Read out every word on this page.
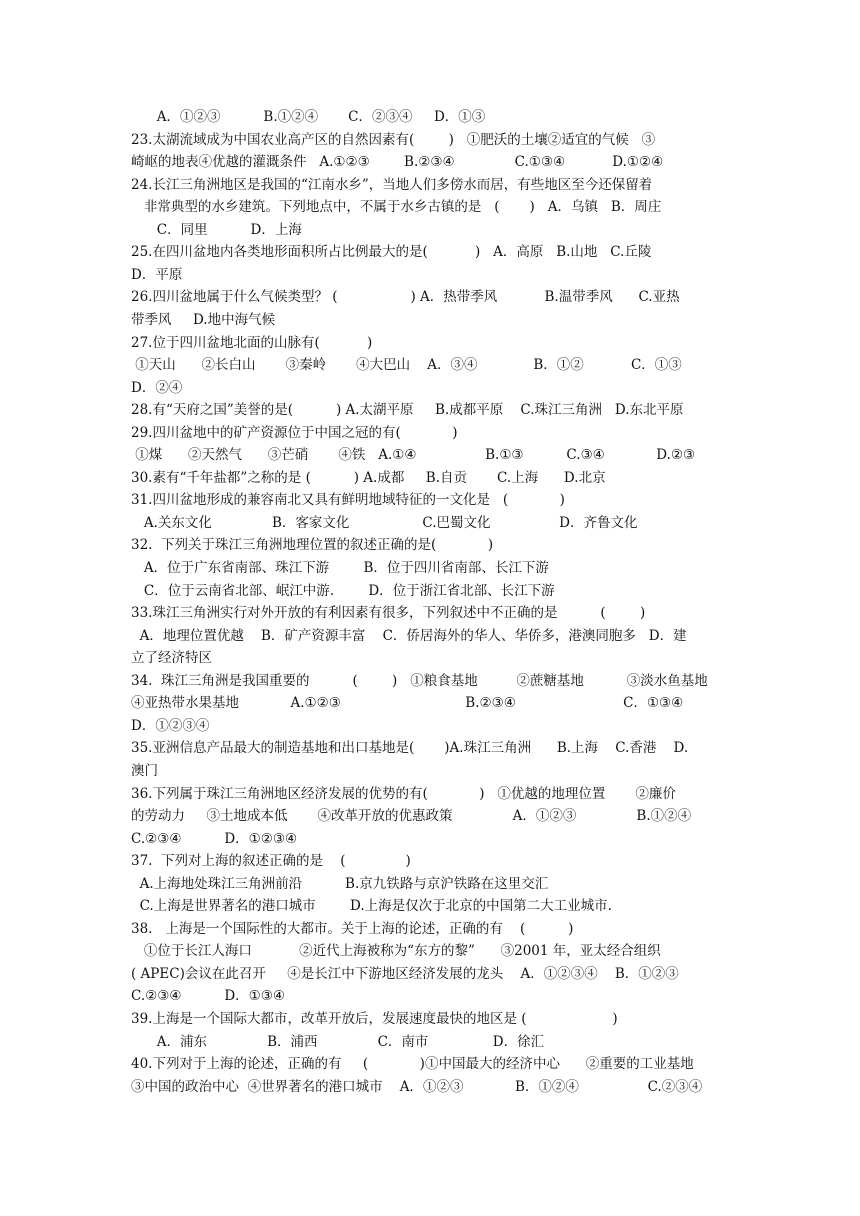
A．①②③          B.①②④       C．②③④     D．①③
23.太湖流域成为中国农业高产区的自然因素有(        )   ①肥沃的土壤②适宜的气候   ③
崎岖的地表④优越的灌溉条件   A.①②③        B.②③④              C.①③④           D.①②④
24.长江三角洲地区是我国的“江南水乡”，当地人们多傍水而居，有些地区至今还保留着
非常典型的水乡建筑。下列地点中，不属于水乡古镇的是   (       )   A．乌镇   B．周庄
C．同里          D．上海
25.在四川盆地内各类地形面积所占比例最大的是(           )   A．高原   B.山地   C.丘陵
D．平原
26.四川盆地属于什么气候类型？ (                 ) A．热带季风           B.温带季风      C.亚热
带季风     D.地中海气候
27.位于四川盆地北面的山脉有(           )
①天山      ②长白山       ③秦岭       ④大巴山    A．③④             B．①②           C．①③
D．②④
28.有“天府之国”美誉的是(          ) A.太湖平原     B.成都平原    C.珠江三角洲   D.东北平原
29.四川盆地中的矿产资源位于中国之冠的有(            )
①煤      ②天然气      ③芒硝       ④铁   A.①④                B.①③          C.③④            D.②③
30.素有“千年盐都”之称的是 (          ) A.成都     B.自贡       C.上海      D.北京
31.四川盆地形成的兼容南北又具有鲜明地域特征的一文化是   (            )
A.关东文化              B．客家文化                 C.巴蜀文化                D．齐鲁文化
32.  下列关于珠江三角洲地理位置的叙述正确的是(            )
A．位于广东省南部、珠江下游        B．位于四川省南部、长江下游
C．位于云南省北部、岷江中游.        D．位于浙江省北部、长江下游
33.珠江三角洲实行对外开放的有利因素有很多，下列叙述中不正确的是          (        )
A．地理位置优越    B．矿产资源丰富    C．侨居海外的华人、华侨多，港澳同胞多   D．建
立了经济特区
34.  珠江三角洲是我国重要的          (        )   ①粮食基地         ②蔗糖基地          ③淡水鱼基地
④亚热带水果基地            A.①②③                             B.②③④                         C．①③④
D．①②③④
35.亚洲信息产品最大的制造基地和出口基地是(       )A.珠江三角洲      B.上海    C.香港    D.
澳门
36.下列属于珠江三角洲地区经济发展的优势的有(            )   ①优越的地理位置       ②廉价
的劳动力     ③土地成本低       ④改革开放的优惠政策              A．①②③              B.①②④
C.②③④          D．①②③④
37.  下列对上海的叙述正确的是    (              )
A.上海地处珠江三角洲前沿          B.京九铁路与京沪铁路在这里交汇
C.上海是世界著名的港口城市        D.上海是仅次于北京的中国第二大工业城市.
38.   上海是一个国际性的大都市。关于上海的论述，正确的有    (          )
①位于长江人海口           ②近代上海被称为“东方的黎”      ③2001 年，亚太经合组织
( APEC)会议在此召开     ④是长江中下游地区经济发展的龙头    A．①②③④    B．①②③
C.②③④          D．①③④
39.上海是一个国际大都市，改革开放后，发展速度最快的地区是 (                    )
A．浦东              B．浦西              C．南市               D．徐汇
40.下列对于上海的论述，正确的有     (            )①中国最大的经济中心      ②重要的工业基地
③中国的政治中心  ④世界著名的港口城市    A．①②③            B．①②④                C.②③④
